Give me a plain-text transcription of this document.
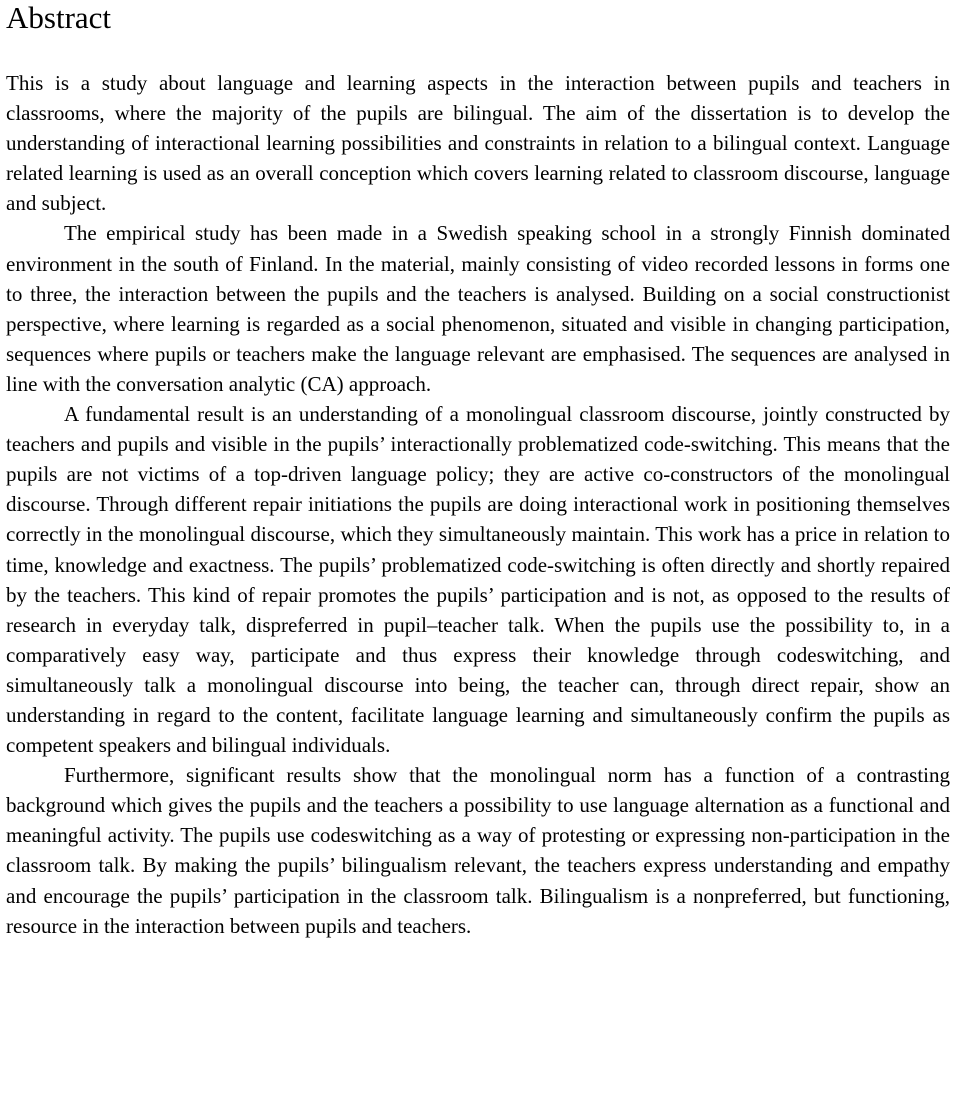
Abstract

This is a study about language and learning aspects in the interaction between pupils and teachers in classrooms, where the majority of the pupils are bilingual. The aim of the dissertation is to develop the understanding of interactional learning possibilities and constraints in relation to a bilingual context. Language related learning is used as an overall conception which covers learning related to classroom discourse, language and subject.

The empirical study has been made in a Swedish speaking school in a strongly Finnish dominated environment in the south of Finland. In the material, mainly consisting of video recorded lessons in forms one to three, the interaction between the pupils and the teachers is analysed. Building on a social constructionist perspective, where learning is regarded as a social phenomenon, situated and visible in changing participation, sequences where pupils or teachers make the language relevant are emphasised. The sequences are analysed in line with the conversation analytic (CA) approach.

A fundamental result is an understanding of a monolingual classroom discourse, jointly constructed by teachers and pupils and visible in the pupils’ interactionally problematized code-switching. This means that the pupils are not victims of a top-driven language policy; they are active co-constructors of the monolingual discourse. Through different repair initiations the pupils are doing interactional work in positioning themselves correctly in the monolingual discourse, which they simultaneously maintain. This work has a price in relation to time, knowledge and exactness. The pupils’ problematized code-switching is often directly and shortly repaired by the teachers. This kind of repair promotes the pupils’ participation and is not, as opposed to the results of research in everyday talk, dispreferred in pupil–teacher talk. When the pupils use the possibility to, in a comparatively easy way, participate and thus express their knowledge through codeswitching, and simultaneously talk a monolingual discourse into being, the teacher can, through direct repair, show an understanding in regard to the content, facilitate language learning and simultaneously confirm the pupils as competent speakers and bilingual individuals.

Furthermore, significant results show that the monolingual norm has a function of a contrasting background which gives the pupils and the teachers a possibility to use language alternation as a functional and meaningful activity. The pupils use codeswitching as a way of protesting or expressing non-participation in the classroom talk. By making the pupils’ bilingualism relevant, the teachers express understanding and empathy and encourage the pupils’ participation in the classroom talk. Bilingualism is a nonpreferred, but functioning, resource in the interaction between pupils and teachers.
